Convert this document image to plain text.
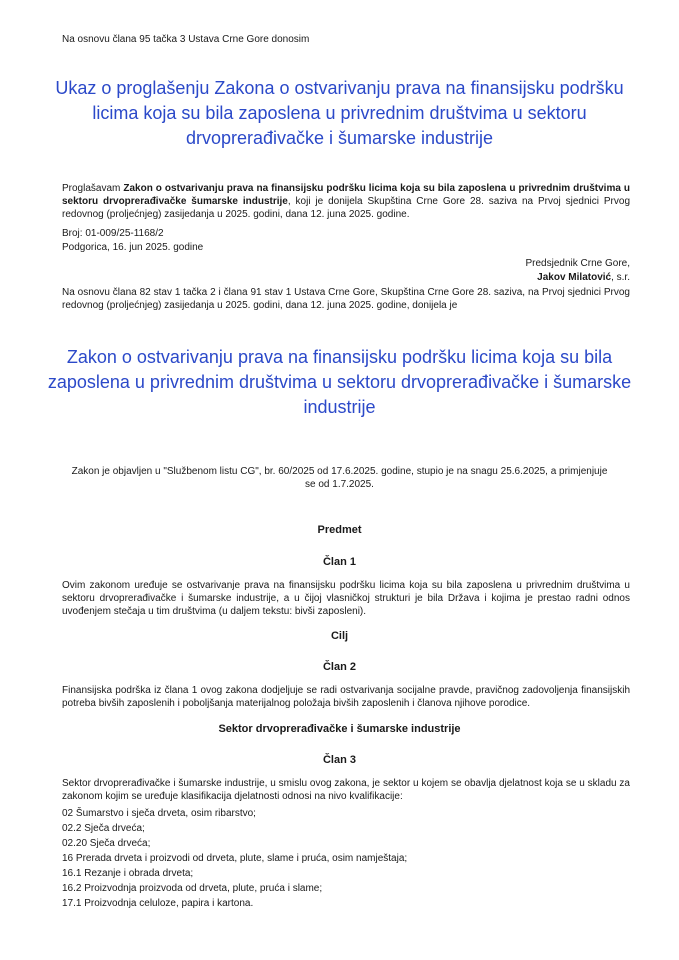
Na osnovu člana 95 tačka 3 Ustava Crne Gore donosim
Ukaz o proglašenju Zakona o ostvarivanju prava na finansijsku podršku licima koja su bila zaposlena u privrednim društvima u sektoru drvoprerađivačke i šumarske industrije
Proglašavam Zakon o ostvarivanju prava na finansijsku podršku licima koja su bila zaposlena u privrednim društvima u sektoru drvoprerađivačke šumarske industrije, koji je donijela Skupština Crne Gore 28. saziva na Prvoj sjednici Prvog redovnog (proljećnjeg) zasijedanja u 2025. godini, dana 12. juna 2025. godine.
Broj: 01-009/25-1168/2
Podgorica, 16. jun 2025. godine
Predsjednik Crne Gore,
Jakov Milatović, s.r.
Na osnovu člana 82 stav 1 tačka 2 i člana 91 stav 1 Ustava Crne Gore, Skupština Crne Gore 28. saziva, na Prvoj sjednici Prvog redovnog (proljećnjeg) zasijedanja u 2025. godini, dana 12. juna 2025. godine, donijela je
Zakon o ostvarivanju prava na finansijsku podršku licima koja su bila zaposlena u privrednim društvima u sektoru drvoprerađivačke i šumarske industrije
Zakon je objavljen u "Službenom listu CG", br. 60/2025 od 17.6.2025. godine, stupio je na snagu 25.6.2025, a primjenjuje se od 1.7.2025.
Predmet
Član 1
Ovim zakonom uređuje se ostvarivanje prava na finansijsku podršku licima koja su bila zaposlena u privrednim društvima u sektoru drvoprerađivačke i šumarske industrije, a u čijoj vlasničkoj strukturi je bila Država i kojima je prestao radni odnos uvođenjem stečaja u tim društvima (u daljem tekstu: bivši zaposleni).
Cilj
Član 2
Finansijska podrška iz člana 1 ovog zakona dodjeljuje se radi ostvarivanja socijalne pravde, pravičnog zadovoljenja finansijskih potreba bivših zaposlenih i poboljšanja materijalnog položaja bivših zaposlenih i članova njihove porodice.
Sektor drvoprerađivačke i šumarske industrije
Član 3
Sektor drvoprerađivačke i šumarske industrije, u smislu ovog zakona, je sektor u kojem se obavlja djelatnost koja se u skladu za zakonom kojim se uređuje klasifikacija djelatnosti odnosi na nivo kvalifikacije:
02 Šumarstvo i sječa drveta, osim ribarstvo;
02.2 Sječa drveća;
02.20 Sječa drveća;
16 Prerada drveta i proizvodi od drveta, plute, slame i pruća, osim namještaja;
16.1 Rezanje i obrada drveta;
16.2 Proizvodnja proizvoda od drveta, plute, pruća i slame;
17.1 Proizvodnja celuloze, papira i kartona.
